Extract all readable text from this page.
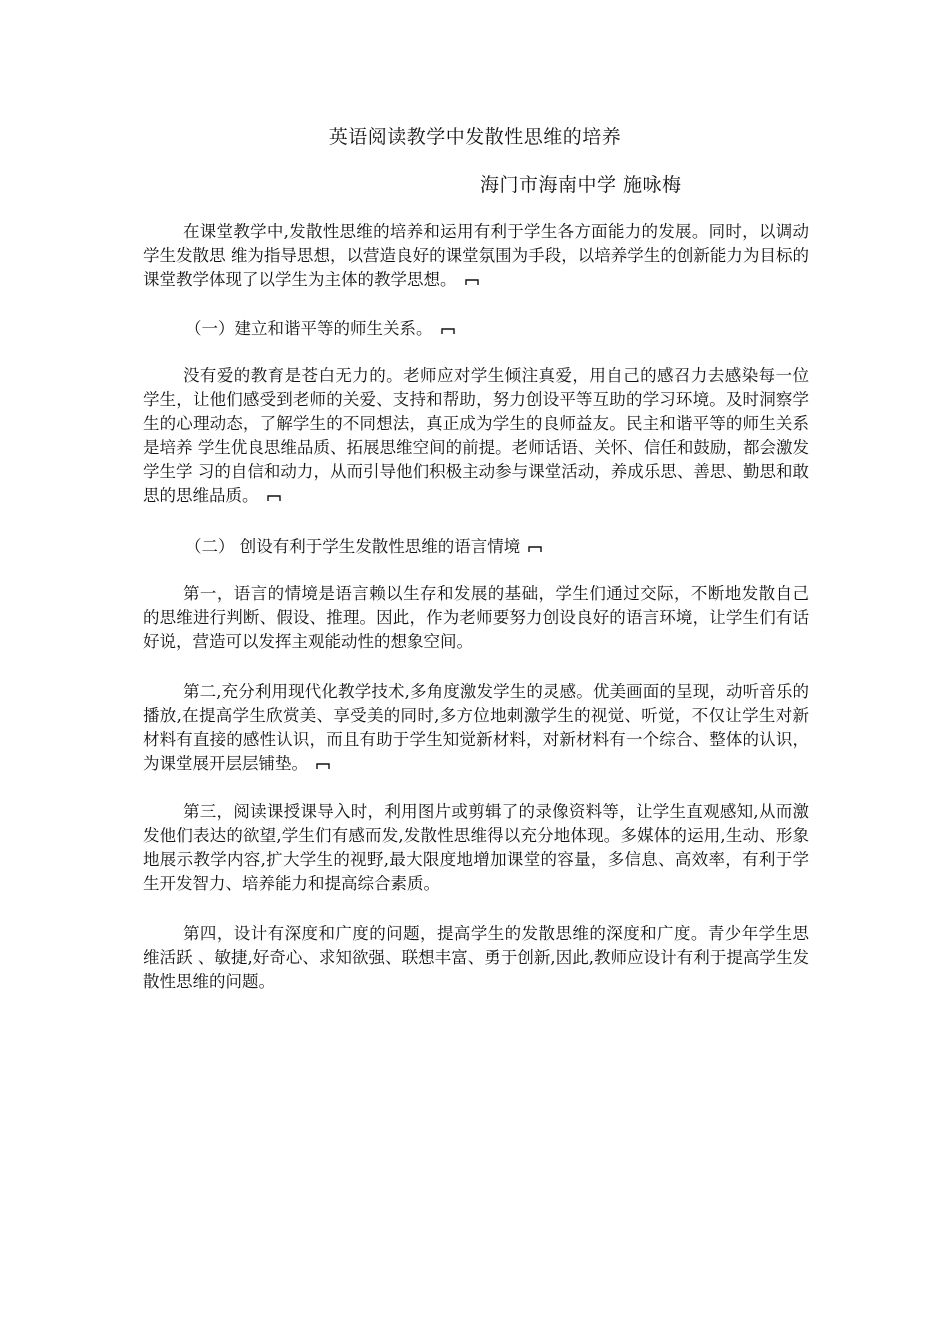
英语阅读教学中发散性思维的培养
海门市海南中学 施咏梅

在课堂教学中,发散性思维的培养和运用有利于学生各方面能力的发展。同时，以调动学生发散思 维为指导思想，以营造良好的课堂氛围为手段，以培养学生的创新能力为目标的课堂教学体现了以学生为主体的教学思想。

（一）建立和谐平等的师生关系。

没有爱的教育是苍白无力的。老师应对学生倾注真爱，用自己的感召力去感染每一位学生，让他们感受到老师的关爱、支持和帮助，努力创设平等互助的学习环境。及时洞察学生的心理动态，了解学生的不同想法，真正成为学生的良师益友。民主和谐平等的师生关系是培养 学生优良思维品质、拓展思维空间的前提。老师话语、关怀、信任和鼓励，都会激发学生学 习的自信和动力，从而引导他们积极主动参与课堂活动，养成乐思、善思、勤思和敢思的思维品质。

（二） 创设有利于学生发散性思维的语言情境

第一，语言的情境是语言赖以生存和发展的基础，学生们通过交际，不断地发散自己的思维进行判断、假设、推理。因此，作为老师要努力创设良好的语言环境，让学生们有话好说，营造可以发挥主观能动性的想象空间。

第二,充分利用现代化教学技术,多角度激发学生的灵感。优美画面的呈现，动听音乐的播放,在提高学生欣赏美、享受美的同时,多方位地刺激学生的视觉、听觉，不仅让学生对新材料有直接的感性认识，而且有助于学生知觉新材料，对新材料有一个综合、整体的认识，为课堂展开层层铺垫。

第三，阅读课授课导入时，利用图片或剪辑了的录像资料等，让学生直观感知,从而激发他们表达的欲望,学生们有感而发,发散性思维得以充分地体现。多媒体的运用,生动、形象地展示教学内容,扩大学生的视野,最大限度地增加课堂的容量，多信息、高效率，有利于学生开发智力、培养能力和提高综合素质。

第四，设计有深度和广度的问题，提高学生的发散思维的深度和广度。青少年学生思维活跃 、敏捷,好奇心、求知欲强、联想丰富、勇于创新,因此,教师应设计有利于提高学生发散性思维的问题。
